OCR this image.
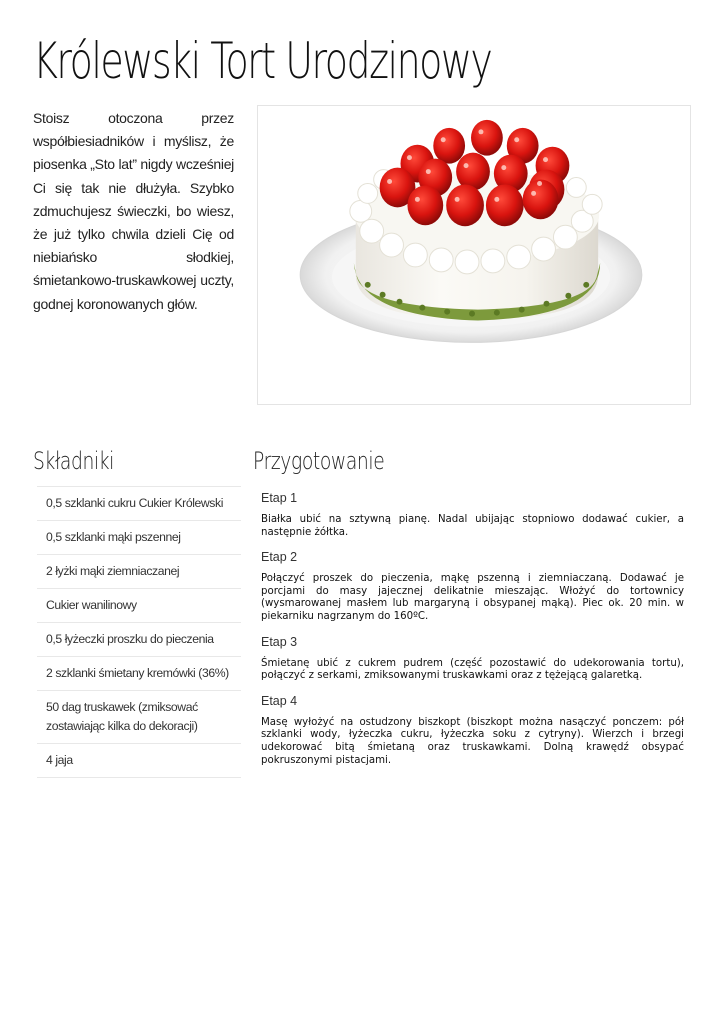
Królewski Tort Urodzinowy

Stoisz otoczona przez współbiesiadników i myślisz, że piosenka „Sto lat” nigdy wcześniej Ci się tak nie dłużyła. Szybko zdmuchujesz świeczki, bo wiesz, że już tylko chwila dzieli Cię od niebiańsko słodkiej, śmietankowo-truskawkowej uczty, godnej koronowanych głów.

Składniki	Przygotowanie
0,5 szklanki cukru Cukier Królewski
0,5 szklanki mąki pszennej
2 łyżki mąki ziemniaczanej
Cukier wanilinowy
0,5 łyżeczki proszku do pieczenia
2 szklanki śmietany kremówki (36%)
50 dag truskawek (zmiksować zostawiając kilka do dekoracji)
4 jaja
Etap 1

Białka ubić na sztywną pianę. Nadal ubijając stopniowo dodawać cukier, a następnie żółtka.

Etap 2

Połączyć proszek do pieczenia, mąkę pszenną i ziemniaczaną. Dodawać je porcjami do masy jajecznej delikatnie mieszając. Włożyć do tortownicy (wysmarowanej masłem lub margaryną i obsypanej mąką). Piec ok. 20 min. w piekarniku nagrzanym do 160ºC.

Etap 3

Śmietanę ubić z cukrem pudrem (część pozostawić do udekorowania tortu), połączyć z serkami, zmiksowanymi truskawkami oraz z tężejącą galaretką.

Etap 4

Masę wyłożyć na ostudzony biszkopt (biszkopt można nasączyć ponczem: pół szklanki wody, łyżeczka cukru, łyżeczka soku z cytryny). Wierzch i brzegi udekorować bitą śmietaną oraz truskawkami. Dolną krawędź obsypać pokruszonymi pistacjami.
